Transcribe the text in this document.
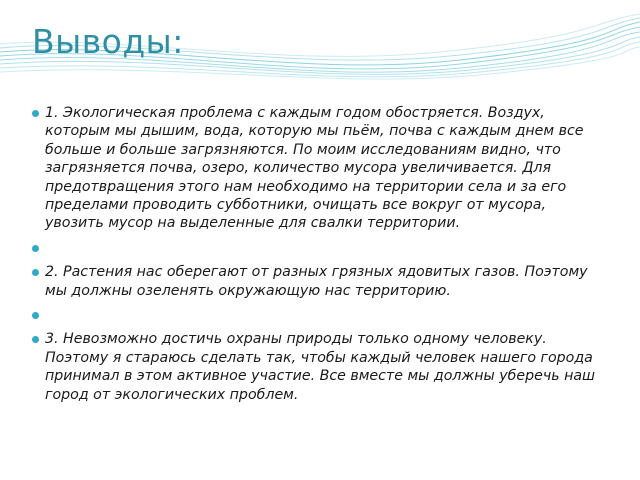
Выводы:
1. Экологическая проблема с каждым годом обостряется. Воздух, которым мы дышим, вода, которую мы пьём, почва с каждым днем все больше и больше загрязняются. По моим исследованиям видно, что загрязняется почва, озеро, количество мусора увеличивается. Для предотвращения этого нам необходимо на территории села и за его пределами проводить субботники, очищать все вокруг от мусора, увозить мусор на выделенные для свалки территории.
2. Растения нас оберегают от разных грязных ядовитых газов. Поэтому мы должны озеленять окружающую нас территорию.
3. Невозможно достичь охраны природы только одному человеку. Поэтому я стараюсь сделать так, чтобы каждый человек нашего города принимал в этом активное участие. Все вместе мы должны уберечь наш город от экологических проблем.
